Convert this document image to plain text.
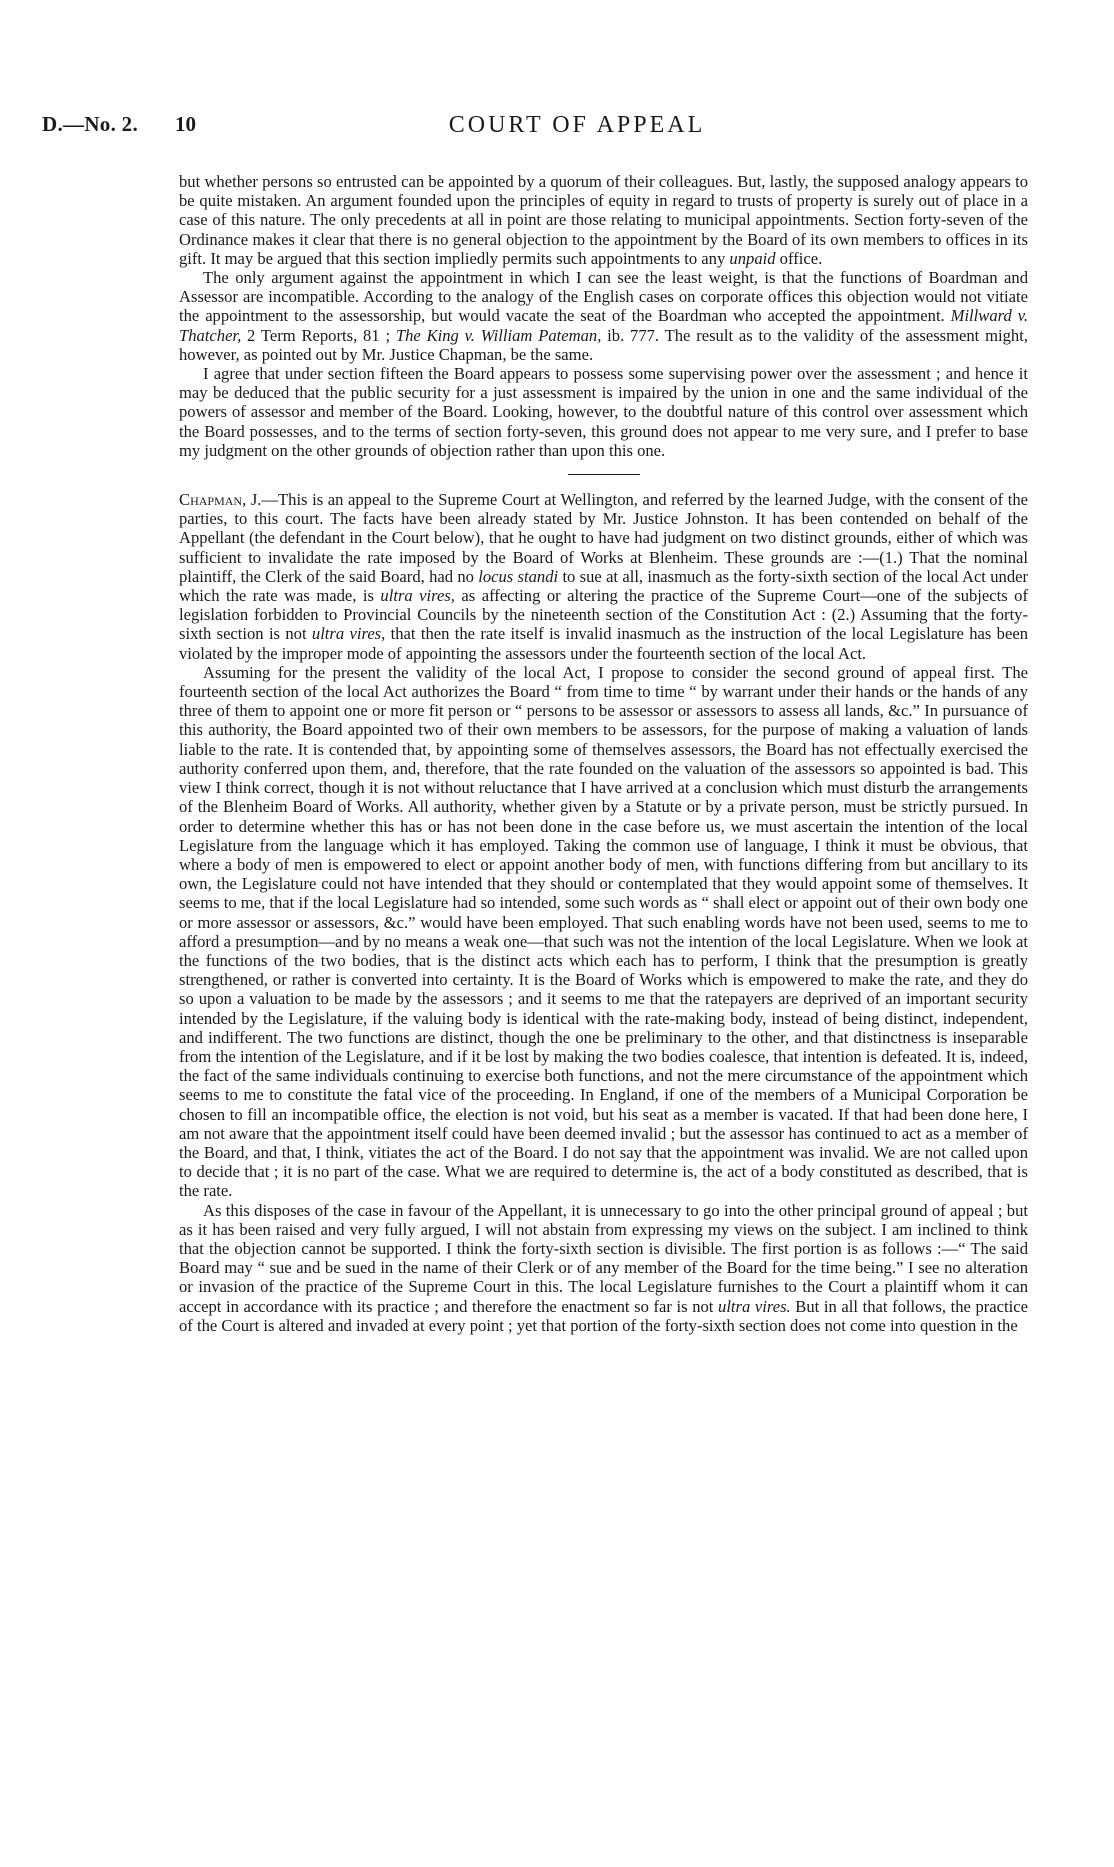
D.—No. 2. 10	COURT OF APPEAL

but whether persons so entrusted can be appointed by a quorum of their colleagues. But, lastly, the supposed analogy appears to be quite mistaken. An argument founded upon the principles of equity in regard to trusts of property is surely out of place in a case of this nature. The only precedents at all in point are those relating to municipal appointments. Section forty-seven of the Ordinance makes it clear that there is no general objection to the appointment by the Board of its own members to offices in its gift. It may be argued that this section impliedly permits such appointments to any unpaid office.

The only argument against the appointment in which I can see the least weight, is that the functions of Boardman and Assessor are incompatible. According to the analogy of the English cases on corporate offices this objection would not vitiate the appointment to the assessorship, but would vacate the seat of the Boardman who accepted the appointment. Millward v. Thatcher, 2 Term Reports, 81 ; The King v. William Pateman, ib. 777. The result as to the validity of the assessment might, however, as pointed out by Mr. Justice Chapman, be the same.

I agree that under section fifteen the Board appears to possess some supervising power over the assessment ; and hence it may be deduced that the public security for a just assessment is impaired by the union in one and the same individual of the powers of assessor and member of the Board. Looking, however, to the doubtful nature of this control over assessment which the Board possesses, and to the terms of section forty-seven, this ground does not appear to me very sure, and I prefer to base my judgment on the other grounds of objection rather than upon this one.

Chapman, J.—This is an appeal to the Supreme Court at Wellington, and referred by the learned Judge, with the consent of the parties, to this court. The facts have been already stated by Mr. Justice Johnston. It has been contended on behalf of the Appellant (the defendant in the Court below), that he ought to have had judgment on two distinct grounds, either of which was sufficient to invalidate the rate imposed by the Board of Works at Blenheim. These grounds are :—(1.) That the nominal plaintiff, the Clerk of the said Board, had no locus standi to sue at all, inasmuch as the forty-sixth section of the local Act under which the rate was made, is ultra vires, as affecting or altering the practice of the Supreme Court—one of the subjects of legislation forbidden to Provincial Councils by the nineteenth section of the Constitution Act : (2.) Assuming that the forty-sixth section is not ultra vires, that then the rate itself is invalid inasmuch as the instruction of the local Legislature has been violated by the improper mode of appointing the assessors under the fourteenth section of the local Act.

Assuming for the present the validity of the local Act, I propose to consider the second ground of appeal first. The fourteenth section of the local Act authorizes the Board “ from time to time “ by warrant under their hands or the hands of any three of them to appoint one or more fit person or “ persons to be assessor or assessors to assess all lands, &c.” In pursuance of this authority, the Board appointed two of their own members to be assessors, for the purpose of making a valuation of lands liable to the rate. It is contended that, by appointing some of themselves assessors, the Board has not effectually exercised the authority conferred upon them, and, therefore, that the rate founded on the valuation of the assessors so appointed is bad. This view I think correct, though it is not without reluctance that I have arrived at a conclusion which must disturb the arrangements of the Blenheim Board of Works. All authority, whether given by a Statute or by a private person, must be strictly pursued. In order to determine whether this has or has not been done in the case before us, we must ascertain the intention of the local Legislature from the language which it has employed. Taking the common use of language, I think it must be obvious, that where a body of men is empowered to elect or appoint another body of men, with functions differing from but ancillary to its own, the Legislature could not have intended that they should or contemplated that they would appoint some of themselves. It seems to me, that if the local Legislature had so intended, some such words as “ shall elect or appoint out of their own body one or more assessor or assessors, &c.” would have been employed. That such enabling words have not been used, seems to me to afford a presumption—and by no means a weak one—that such was not the intention of the local Legislature. When we look at the functions of the two bodies, that is the distinct acts which each has to perform, I think that the presumption is greatly strengthened, or rather is converted into certainty. It is the Board of Works which is empowered to make the rate, and they do so upon a valuation to be made by the assessors ; and it seems to me that the ratepayers are deprived of an important security intended by the Legislature, if the valuing body is identical with the rate-making body, instead of being distinct, independent, and indifferent. The two functions are distinct, though the one be preliminary to the other, and that distinctness is inseparable from the intention of the Legislature, and if it be lost by making the two bodies coalesce, that intention is defeated. It is, indeed, the fact of the same individuals continuing to exercise both functions, and not the mere circumstance of the appointment which seems to me to constitute the fatal vice of the proceeding. In England, if one of the members of a Municipal Corporation be chosen to fill an incompatible office, the election is not void, but his seat as a member is vacated. If that had been done here, I am not aware that the appointment itself could have been deemed invalid ; but the assessor has continued to act as a member of the Board, and that, I think, vitiates the act of the Board. I do not say that the appointment was invalid. We are not called upon to decide that ; it is no part of the case. What we are required to determine is, the act of a body constituted as described, that is the rate.

As this disposes of the case in favour of the Appellant, it is unnecessary to go into the other principal ground of appeal ; but as it has been raised and very fully argued, I will not abstain from expressing my views on the subject. I am inclined to think that the objection cannot be supported. I think the forty-sixth section is divisible. The first portion is as follows :—“ The said Board may “ sue and be sued in the name of their Clerk or of any member of the Board for the time being.” I see no alteration or invasion of the practice of the Supreme Court in this. The local Legislature furnishes to the Court a plaintiff whom it can accept in accordance with its practice ; and therefore the enactment so far is not ultra vires. But in all that follows, the practice of the Court is altered and invaded at every point ; yet that portion of the forty-sixth section does not come into question in the
